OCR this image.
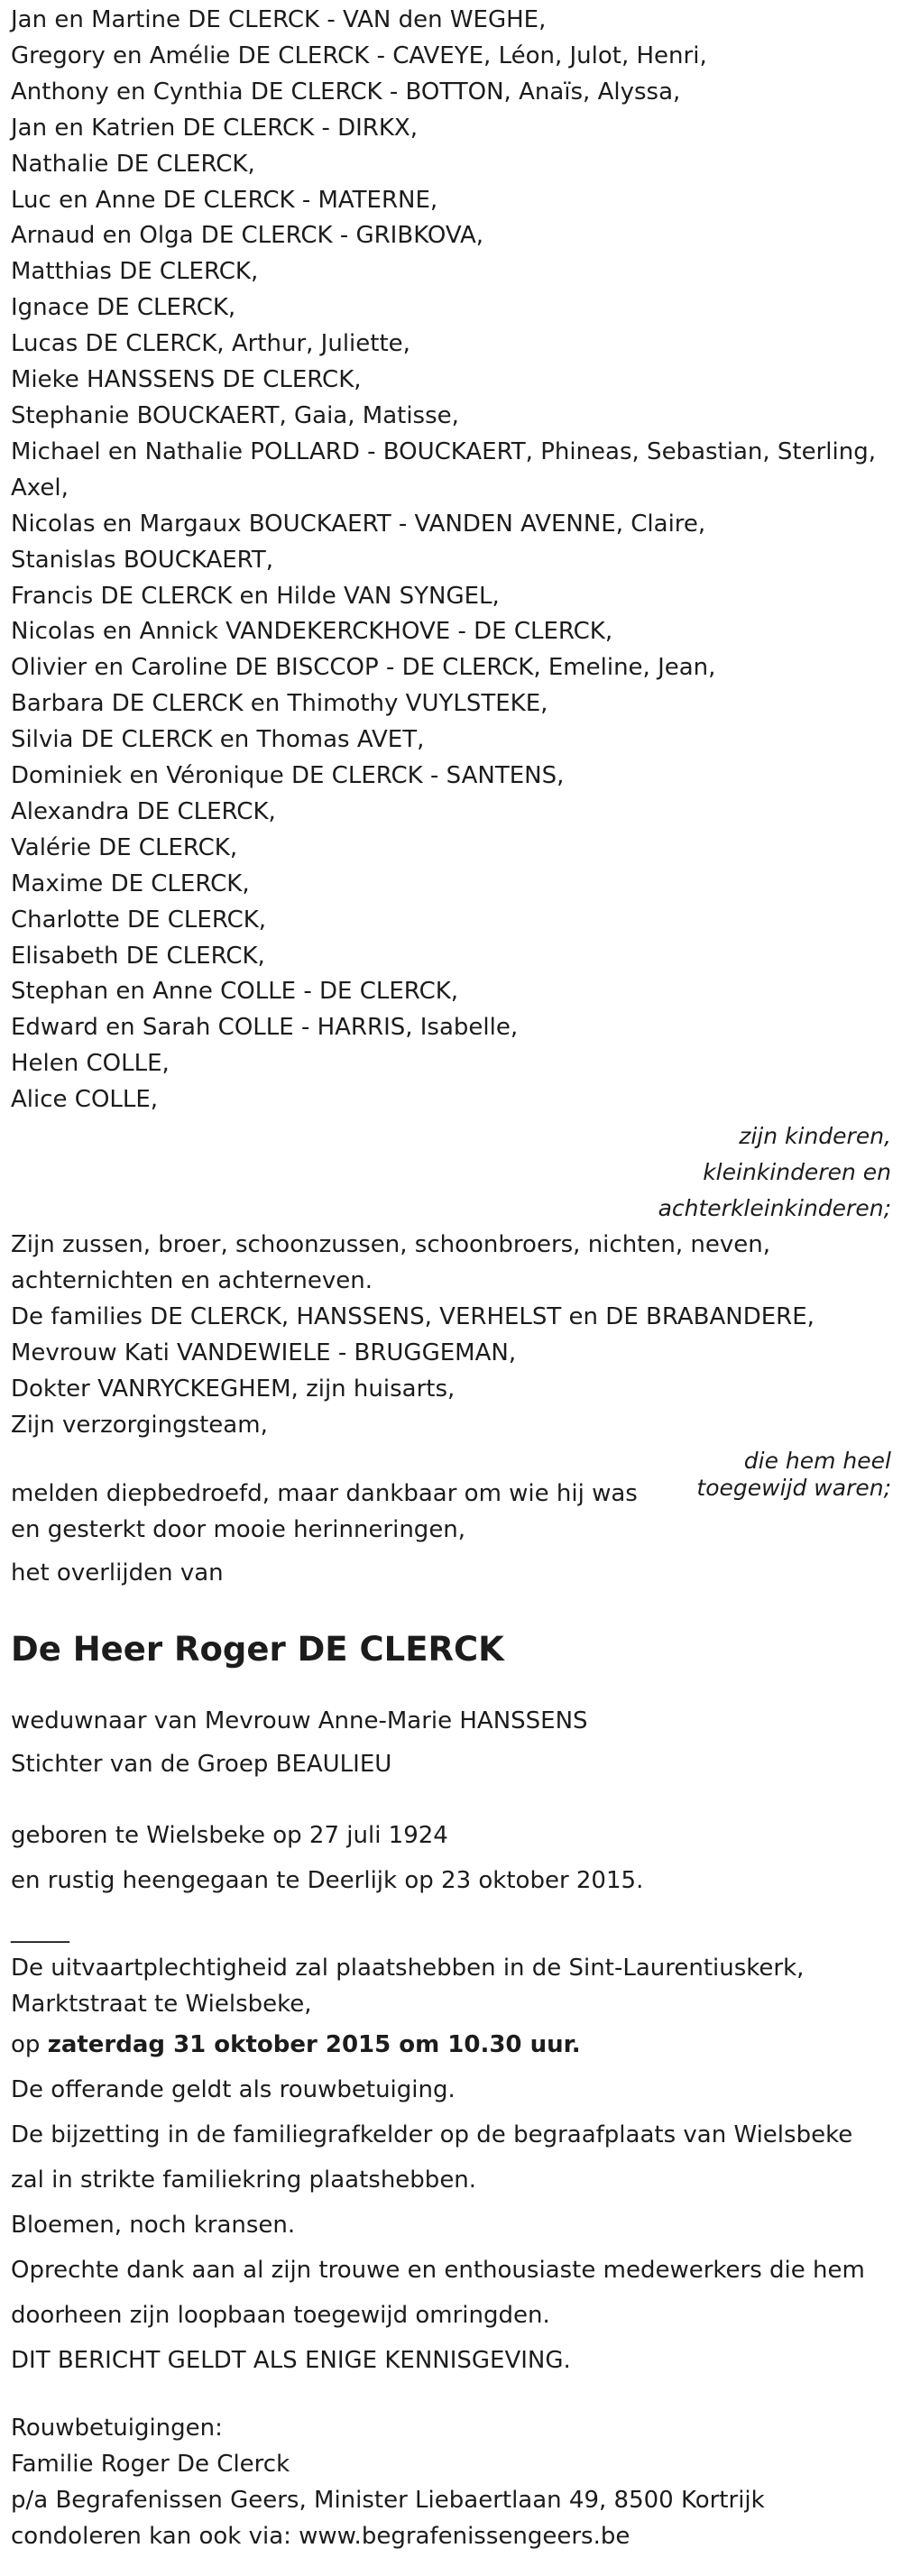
Jan en Martine DE CLERCK - VAN den WEGHE,
Gregory en Amélie DE CLERCK - CAVEYE, Léon, Julot, Henri,
Anthony en Cynthia DE CLERCK - BOTTON, Anaïs, Alyssa,
Jan en Katrien DE CLERCK - DIRKX,
Nathalie DE CLERCK,
Luc en Anne DE CLERCK - MATERNE,
Arnaud en Olga DE CLERCK - GRIBKOVA,
Matthias DE CLERCK,
Ignace DE CLERCK,
Lucas DE CLERCK, Arthur, Juliette,
Mieke HANSSENS DE CLERCK,
Stephanie BOUCKAERT, Gaia, Matisse,
Michael en Nathalie POLLARD - BOUCKAERT, Phineas, Sebastian, Sterling,
Axel,
Nicolas en Margaux BOUCKAERT - VANDEN AVENNE, Claire,
Stanislas BOUCKAERT,
Francis DE CLERCK en Hilde VAN SYNGEL,
Nicolas en Annick VANDEKERCKHOVE - DE CLERCK,
Olivier en Caroline DE BISCCOP - DE CLERCK, Emeline, Jean,
Barbara DE CLERCK en Thimothy VUYLSTEKE,
Silvia DE CLERCK en Thomas AVET,
Dominiek en Véronique DE CLERCK - SANTENS,
Alexandra DE CLERCK,
Valérie DE CLERCK,
Maxime DE CLERCK,
Charlotte DE CLERCK,
Elisabeth DE CLERCK,
Stephan en Anne COLLE - DE CLERCK,
Edward en Sarah COLLE - HARRIS, Isabelle,
Helen COLLE,
Alice COLLE,
zijn kinderen,
kleinkinderen en
achterkleinkinderen;
Zijn zussen, broer, schoonzussen, schoonbroers, nichten, neven,
achternichten en achterneven.
De families DE CLERCK, HANSSENS, VERHELST en DE BRABANDERE,
Mevrouw Kati VANDEWIELE - BRUGGEMAN,
Dokter VANRYCKEGHEM, zijn huisarts,
Zijn verzorgingsteam,
die hem heel
toegewijd waren;
melden diepbedroefd, maar dankbaar om wie hij was
en gesterkt door mooie herinneringen,
het overlijden van
De Heer Roger DE CLERCK
weduwnaar van Mevrouw Anne-Marie HANSSENS
Stichter van de Groep BEAULIEU
geboren te Wielsbeke op 27 juli 1924
en rustig heengegaan te Deerlijk op 23 oktober 2015.
_____
De uitvaartplechtigheid zal plaatshebben in de Sint-Laurentiuskerk,
Marktstraat te Wielsbeke,
op zaterdag 31 oktober 2015 om 10.30 uur.
De offerande geldt als rouwbetuiging.
De bijzetting in de familiegrafkelder op de begraafplaats van Wielsbeke
zal in strikte familiekring plaatshebben.
Bloemen, noch kransen.
Oprechte dank aan al zijn trouwe en enthousiaste medewerkers die hem
doorheen zijn loopbaan toegewijd omringden.
DIT BERICHT GELDT ALS ENIGE KENNISGEVING.
Rouwbetuigingen:
Familie Roger De Clerck
p/a Begrafenissen Geers, Minister Liebaertlaan 49, 8500 Kortrijk
condoleren kan ook via: www.begrafenissengeers.be
